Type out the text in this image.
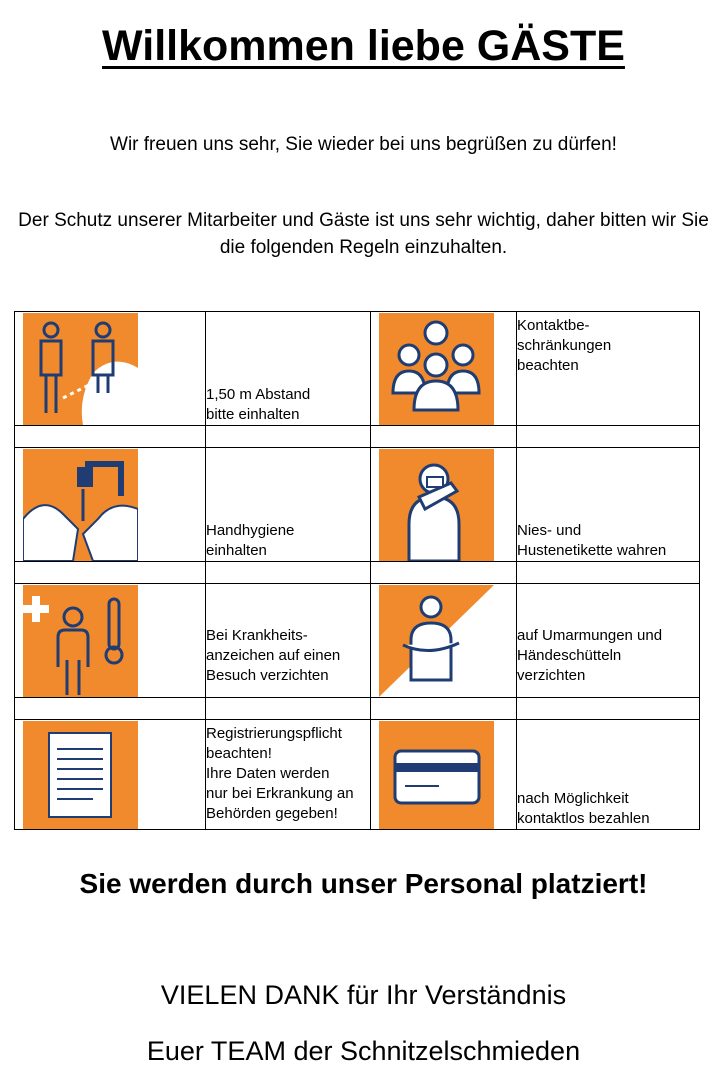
Willkommen liebe GÄSTE
Wir freuen uns sehr, Sie wieder bei uns begrüßen zu dürfen!
Der Schutz unserer Mitarbeiter und Gäste ist uns sehr wichtig, daher bitten wir Sie die folgenden Regeln einzuhalten.
	1,50 m Abstand
bitte einhalten		Kontaktbe-
schränkungen
beachten

	Handhygiene
einhalten		Nies- und
Hustenetikette wahren

Bei Krankheits-
anzeichen auf einen
Besuch verzichten		auf Umarmungen und
Händeschütteln
verzichten

	Registrierungspflicht
beachten!
Ihre Daten werden
nur bei Erkrankung an
Behörden gegeben!		nach Möglichkeit
kontaktlos bezahlen
Sie werden durch unser Personal platziert!
VIELEN DANK für Ihr Verständnis
Euer TEAM der Schnitzelschmieden
